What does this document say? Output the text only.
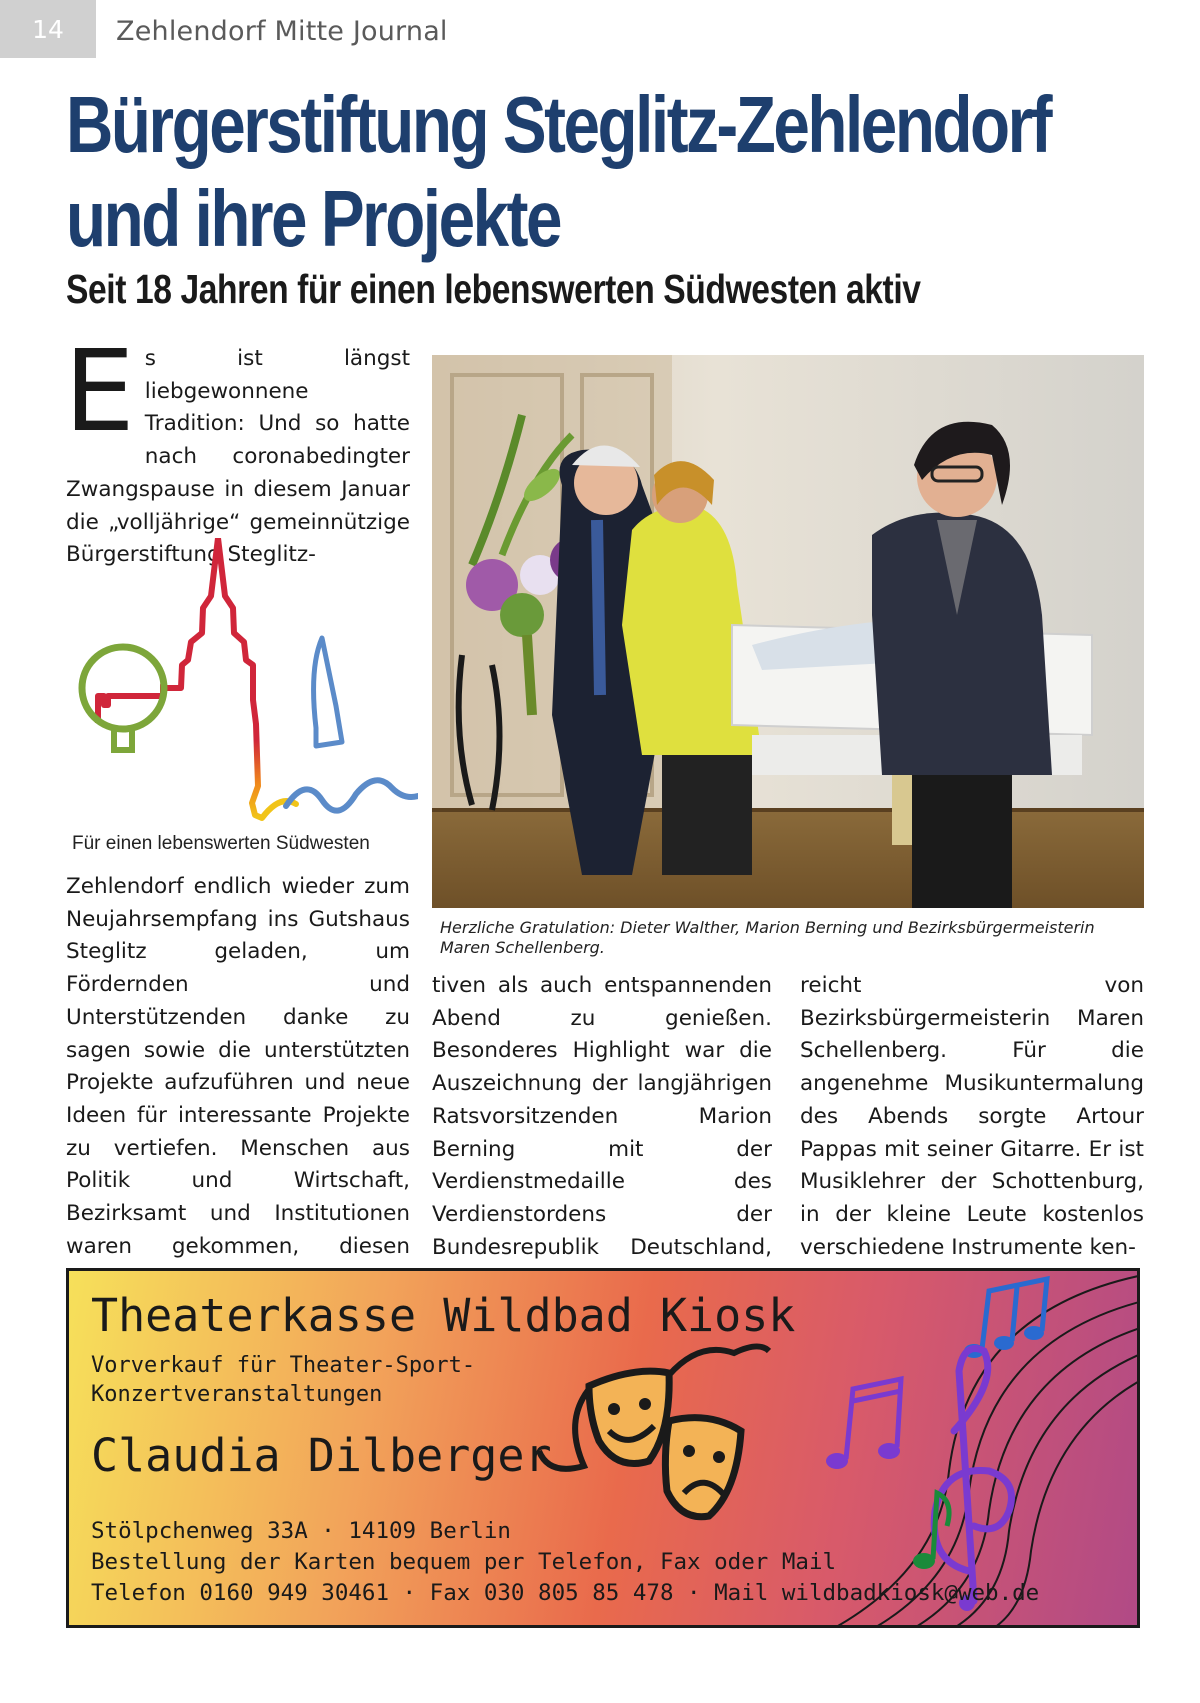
14	Zehlendorf Mitte Journal
Bürgerstiftung Steglitz-Zehlendorf
und ihre Projekte
Seit 18 Jahren für einen lebenswerten Südwesten aktiv
E s ist längst liebgewonnene Tradition: Und so hatte nach coronabedingter Zwangspause in diesem Januar die „volljährige“ gemeinnützige Bürgerstiftung Steglitz-
Für einen lebenswerten Südwesten
Zehlendorf endlich wieder zum Neujahrsempfang ins Gutshaus Steglitz geladen, um Fördernden und Unterstützenden danke zu sagen sowie die unterstützten Projekte aufzuführen und neue Ideen für interessante Projekte zu vertiefen. Menschen aus Politik und Wirtschaft, Bezirksamt und Institutionen waren gekommen, diesen
Herzliche Gratulation: Dieter Walther, Marion Berning und Bezirksbürgermeisterin Maren Schellenberg.
tiven als auch entspannenden Abend zu genießen. Besonderes Highlight war die Auszeichnung der langjährigen Ratsvorsitzenden Marion Berning mit der Verdienstmedaille des Verdienstordens der Bundesrepublik Deutschland,
reicht von Bezirksbürgermeisterin Maren Schellenberg. Für die angenehme Musikuntermalung des Abends sorgte Artour Pappas mit seiner Gitarre. Er ist Musiklehrer der Schottenburg, in der kleine Leute kostenlos verschiedene Instrumente ken-
Theaterkasse Wildbad Kiosk
Vorverkauf für Theater-Sport-
Konzertveranstaltungen
Claudia Dilberger
Stölpchenweg 33A · 14109 Berlin
Bestellung der Karten bequem per Telefon, Fax oder Mail
Telefon 0160 949 30461 · Fax 030 805 85 478 · Mail wildbadkiosk@web.de
